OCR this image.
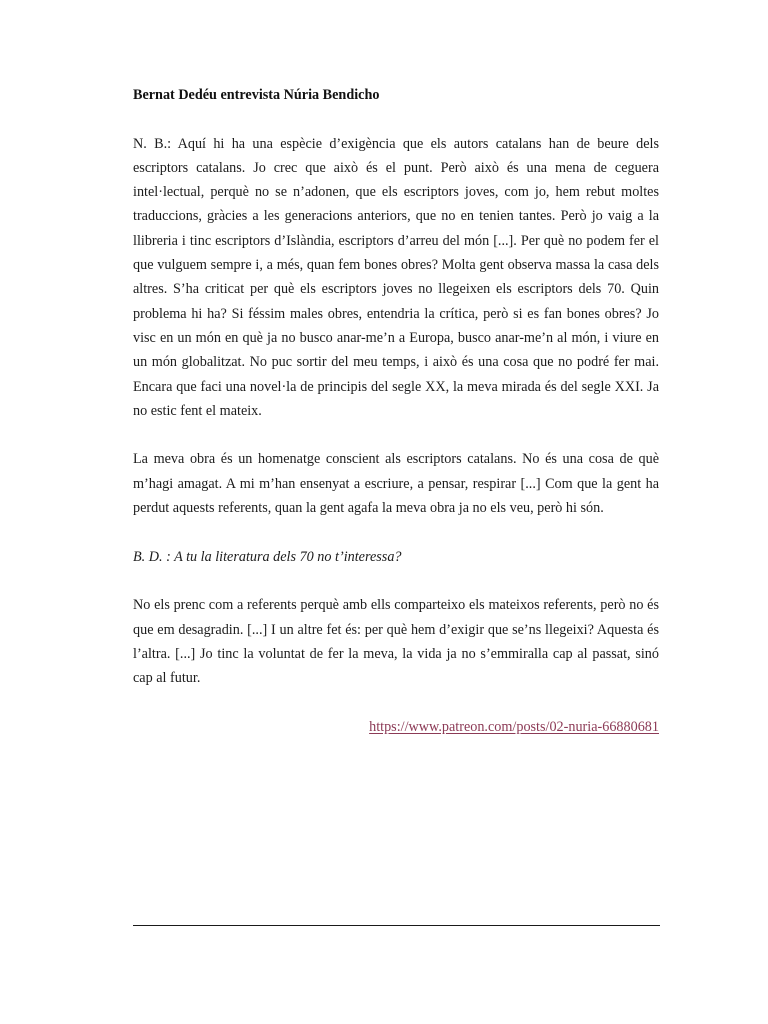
Bernat Dedéu entrevista Núria Bendicho

N. B.: Aquí hi ha una espècie d’exigència que els autors catalans han de beure dels escriptors catalans. Jo crec que això és el punt. Però això és una mena de ceguera intel·lectual, perquè no se n’adonen, que els escriptors joves, com jo, hem rebut moltes traduccions, gràcies a les generacions anteriors, que no en tenien tantes. Però jo vaig a la llibreria i tinc escriptors d’Islàndia, escriptors d’arreu del món [...]. Per què no podem fer el que vulguem sempre i, a més, quan fem bones obres? Molta gent observa massa la casa dels altres. S’ha criticat per què els escriptors joves no llegeixen els escriptors dels 70. Quin problema hi ha? Si féssim males obres, entendria la crítica, però si es fan bones obres? Jo visc en un món en què ja no busco anar-me’n a Europa, busco anar-me’n al món, i viure en un món globalitzat. No puc sortir del meu temps, i això és una cosa que no podré fer mai. Encara que faci una novel·la de principis del segle XX, la meva mirada és del segle XXI. Ja no estic fent el mateix.

La meva obra és un homenatge conscient als escriptors catalans. No és una cosa de què m’hagi amagat. A mi m’han ensenyat a escriure, a pensar, respirar [...] Com que la gent ha perdut aquests referents, quan la gent agafa la meva obra ja no els veu, però hi són.

B. D. : A tu la literatura dels 70 no t’interessa?

No els prenc com a referents perquè amb ells comparteixo els mateixos referents, però no és que em desagradin. [...] I un altre fet és: per què hem d’exigir que se’ns llegeixi? Aquesta és l’altra. [...] Jo tinc la voluntat de fer la meva, la vida ja no s’emmiralla cap al passat, sinó cap al futur.

https://www.patreon.com/posts/02-nuria-66880681
